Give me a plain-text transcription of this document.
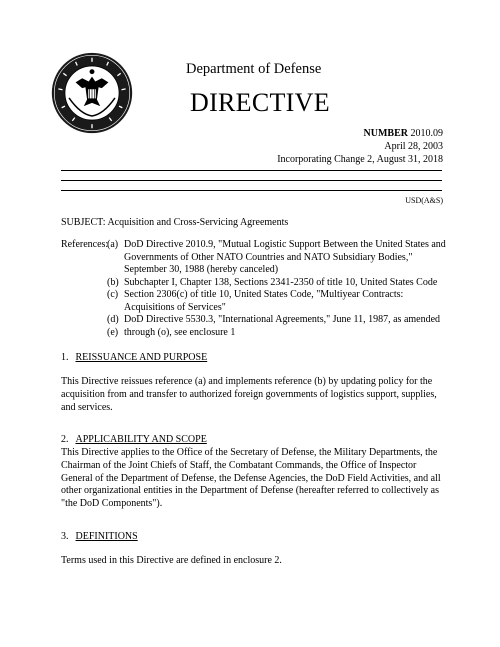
Department of Defense
DIRECTIVE
NUMBER 2010.09
April 28, 2003
Incorporating Change 2, August 31, 2018
USD(A&S)
SUBJECT: Acquisition and Cross-Servicing Agreements
References:
(a) DoD Directive 2010.9, "Mutual Logistic Support Between the United States and Governments of Other NATO Countries and NATO Subsidiary Bodies," September 30, 1988 (hereby canceled)
(b) Subchapter I, Chapter 138, Sections 2341-2350 of title 10, United States Code
(c) Section 2306(c) of title 10, United States Code, "Multiyear Contracts: Acquisitions of Services"
(d) DoD Directive 5530.3, "International Agreements," June 11, 1987, as amended
(e) through (o), see enclosure 1
1. REISSUANCE AND PURPOSE
This Directive reissues reference (a) and implements reference (b) by updating policy for the acquisition from and transfer to authorized foreign governments of logistics support, supplies, and services.
2. APPLICABILITY AND SCOPE
This Directive applies to the Office of the Secretary of Defense, the Military Departments, the Chairman of the Joint Chiefs of Staff, the Combatant Commands, the Office of Inspector General of the Department of Defense, the Defense Agencies, the DoD Field Activities, and all other organizational entities in the Department of Defense (hereafter referred to collectively as "the DoD Components").
3. DEFINITIONS
Terms used in this Directive are defined in enclosure 2.
